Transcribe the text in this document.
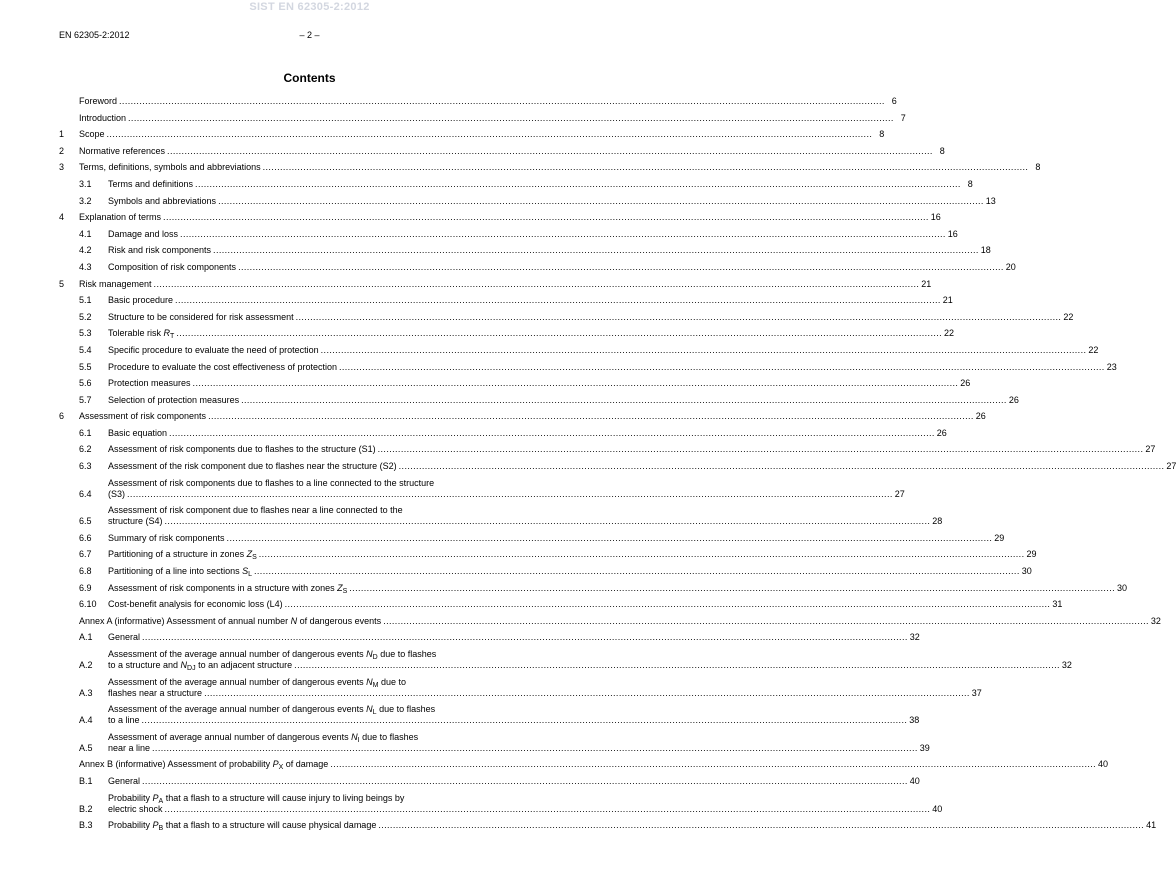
SIST EN 62305-2:2012
EN 62305-2:2012	– 2 –
Contents
Foreword .....	6
Introduction .....	7
1	Scope .....	8
2	Normative references .....	8
3	Terms, definitions, symbols and abbreviations .....	8
3.1	Terms and definitions .....	8
3.2	Symbols and abbreviations .....	13
4	Explanation of terms .....	16
4.1	Damage and loss .....	16
4.2	Risk and risk components .....	18
4.3	Composition of risk components .....	20
5	Risk management .....	21
5.1	Basic procedure .....	21
5.2	Structure to be considered for risk assessment .....	22
5.3	Tolerable risk $R_T$ .....	22
5.4	Specific procedure to evaluate the need of protection .....	22
5.5	Procedure to evaluate the cost effectiveness of protection .....	23
5.6	Protection measures .....	26
5.7	Selection of protection measures .....	26
6	Assessment of risk components .....	26
6.1	Basic equation .....	26
6.2	Assessment of risk components due to flashes to the structure (S1) .....	27
6.3	Assessment of the risk component due to flashes near the structure (S2) .....	27
6.4
Assessment of risk components due to flashes to a line connected to the structure
(S3) .....	27
6.5
Assessment of risk component due to flashes near a line connected to the
structure (S4) .....	28
6.6	Summary of risk components .....	29
6.7	Partitioning of a structure in zones $Z_S$ .....	29
6.8	Partitioning of a line into sections $S_L$ .....	30
6.9	Assessment of risk components in a structure with zones $Z_S$ .....	30
6.10	Cost-benefit analysis for economic loss (L4) .....	31
Annex A (informative) Assessment of annual number N of dangerous events .....	32
A.1	General .....	32
A.2
Assessment of the average annual number of dangerous events $N_D$ due to flashes
to a structure and $N_{DJ}$ to an adjacent structure .....	32
A.3
Assessment of the average annual number of dangerous events $N_M$ due to
flashes near a structure .....	37
A.4
Assessment of the average annual number of dangerous events $N_L$ due to flashes
to a line .....	38
A.5
Assessment of average annual number of dangerous events $N_I$ due to flashes
near a line .....	39
Annex B (informative) Assessment of probability $P_X$ of damage .....	40
B.1	General .....	40
B.2
Probability $P_A$ that a flash to a structure will cause injury to living beings by
electric shock .....	40
B.3	Probability $P_B$ that a flash to a structure will cause physical damage .....	41
